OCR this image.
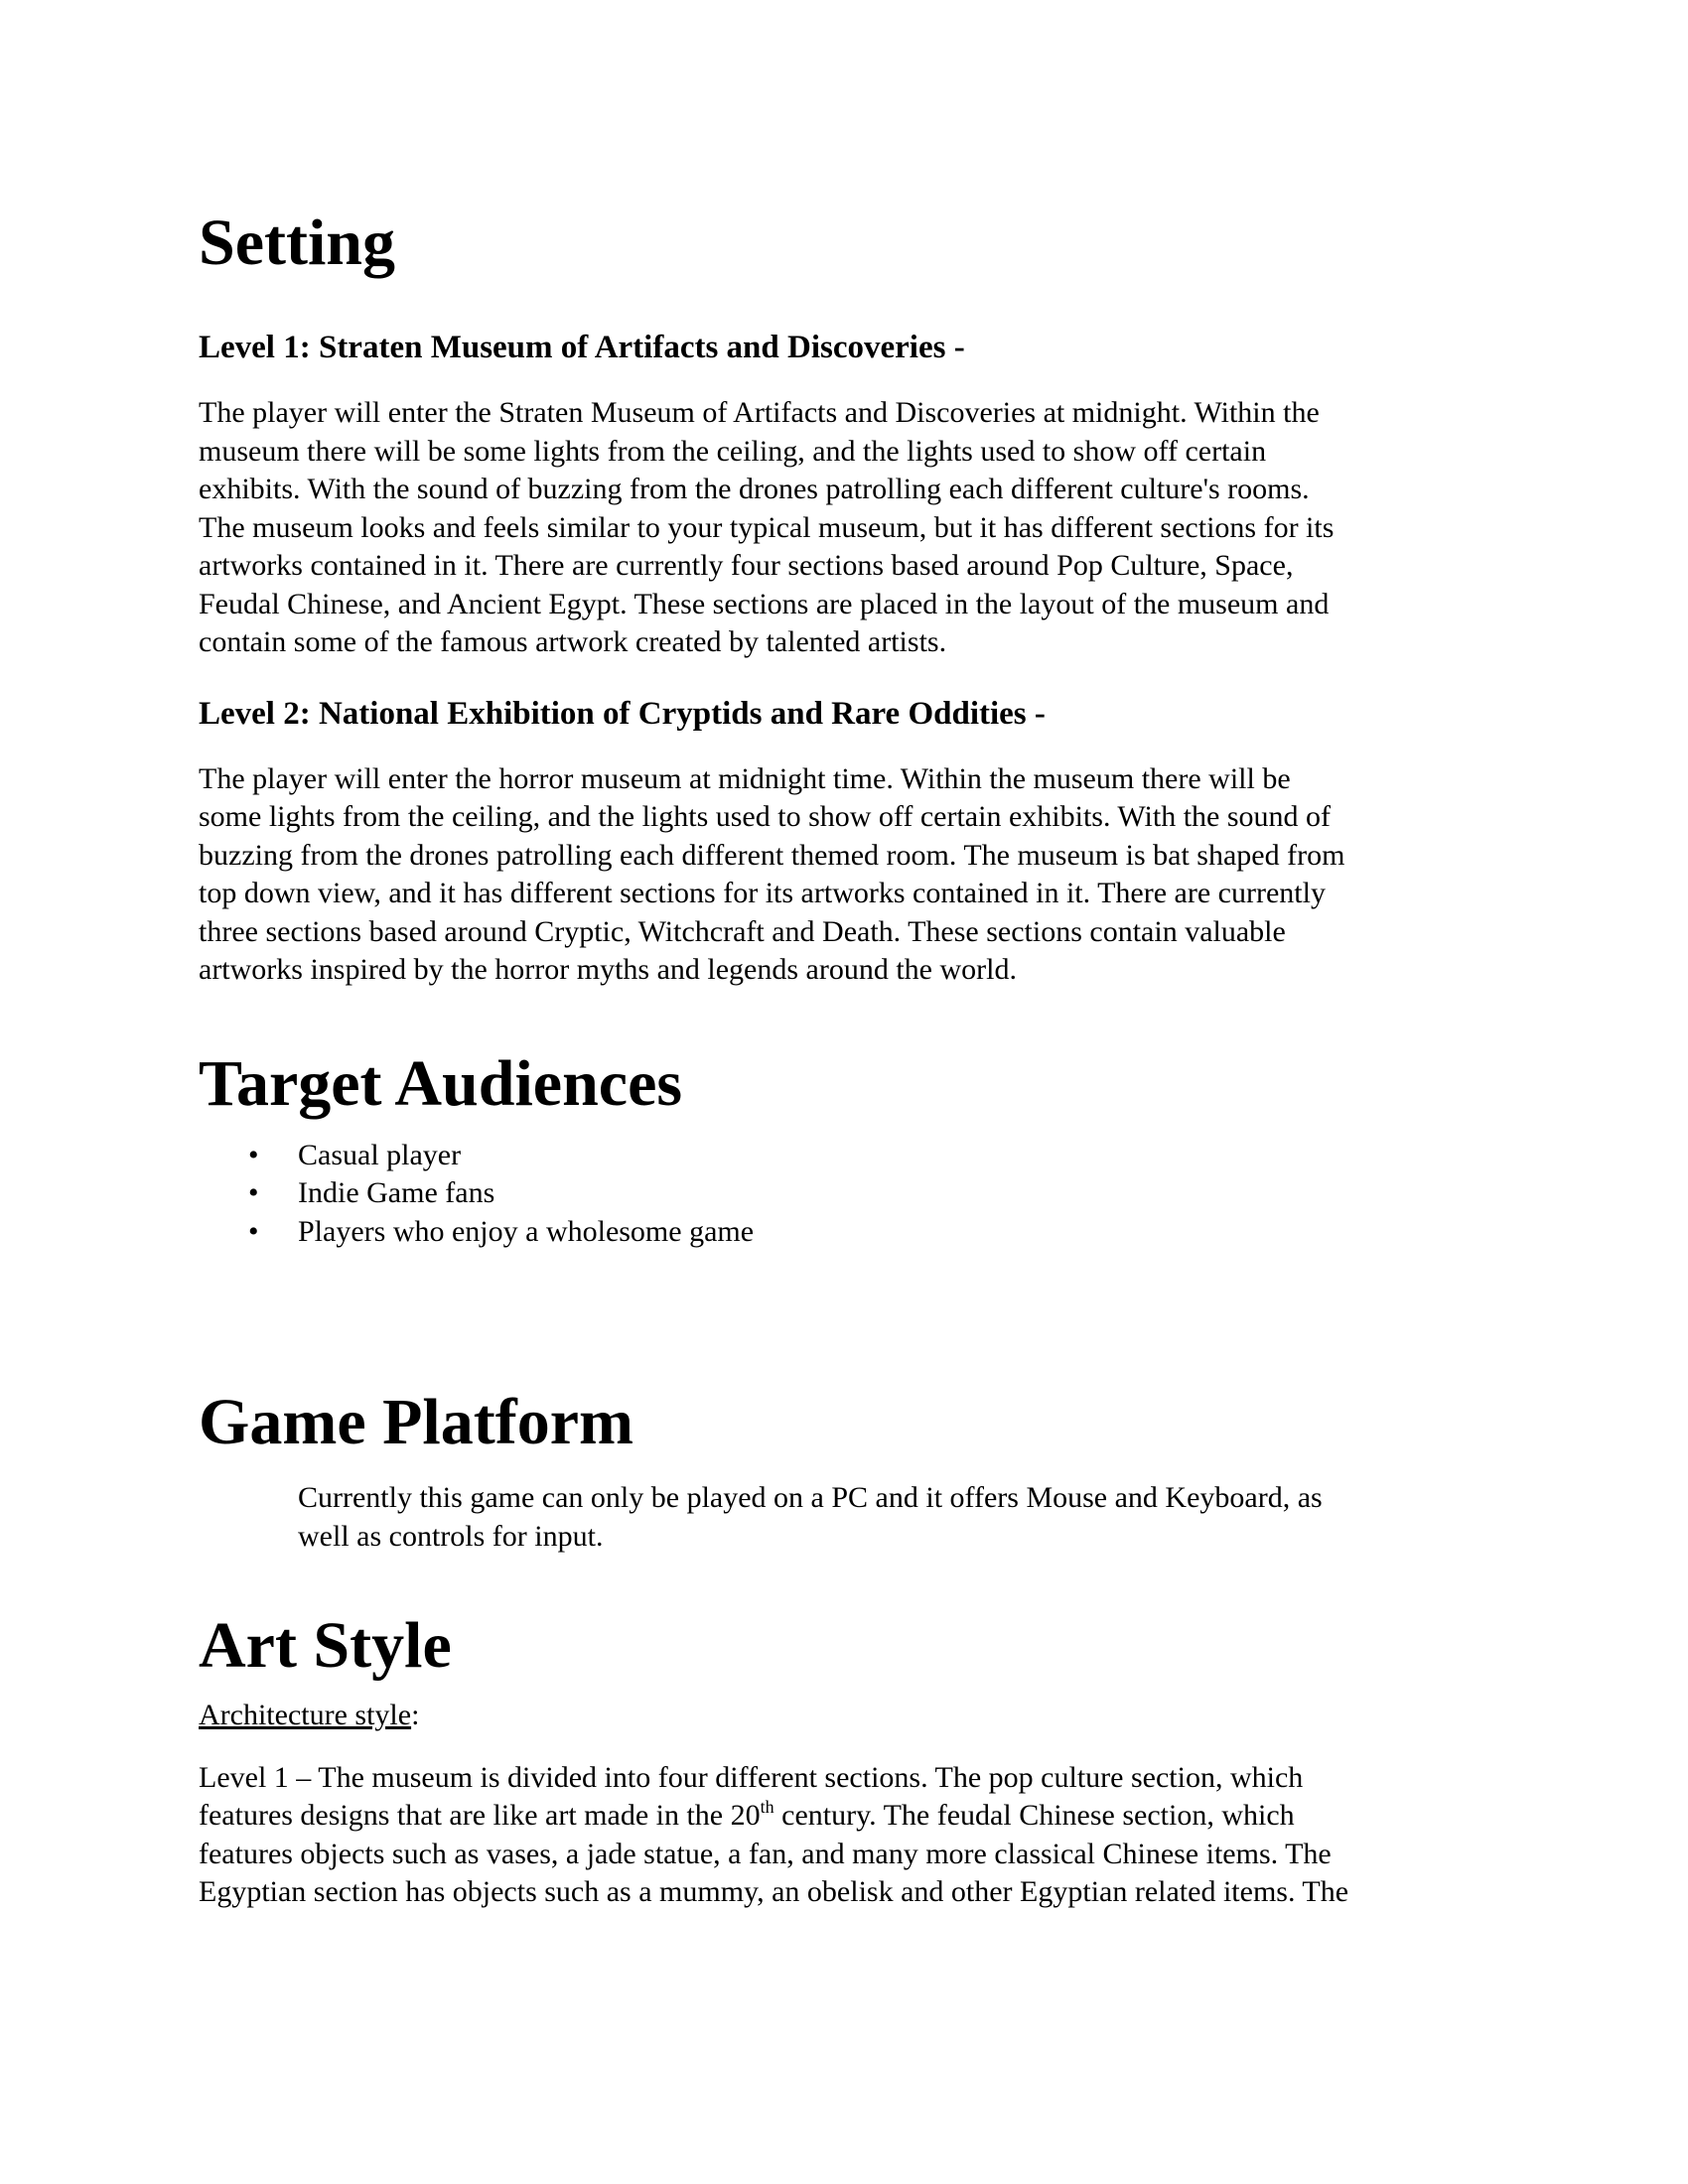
Setting
Level 1: Straten Museum of Artifacts and Discoveries -

The player will enter the Straten Museum of Artifacts and Discoveries at midnight. Within the
museum there will be some lights from the ceiling, and the lights used to show off certain
exhibits. With the sound of buzzing from the drones patrolling each different culture's rooms.
The museum looks and feels similar to your typical museum, but it has different sections for its
artworks contained in it. There are currently four sections based around Pop Culture, Space,
Feudal Chinese, and Ancient Egypt. These sections are placed in the layout of the museum and
contain some of the famous artwork created by talented artists.

Level 2: National Exhibition of Cryptids and Rare Oddities -

The player will enter the horror museum at midnight time. Within the museum there will be
some lights from the ceiling, and the lights used to show off certain exhibits. With the sound of
buzzing from the drones patrolling each different themed room. The museum is bat shaped from
top down view, and it has different sections for its artworks contained in it. There are currently
three sections based around Cryptic, Witchcraft and Death. These sections contain valuable
artworks inspired by the horror myths and legends around the world.

Target Audiences
• Casual player
• Indie Game fans
• Players who enjoy a wholesome game
Game Platform

Currently this game can only be played on a PC and it offers Mouse and Keyboard, as
well as controls for input.

Art Style

Architecture style:

Level 1 – The museum is divided into four different sections. The pop culture section, which
features designs that are like art made in the 20th century. The feudal Chinese section, which
features objects such as vases, a jade statue, a fan, and many more classical Chinese items. The
Egyptian section has objects such as a mummy, an obelisk and other Egyptian related items. The
